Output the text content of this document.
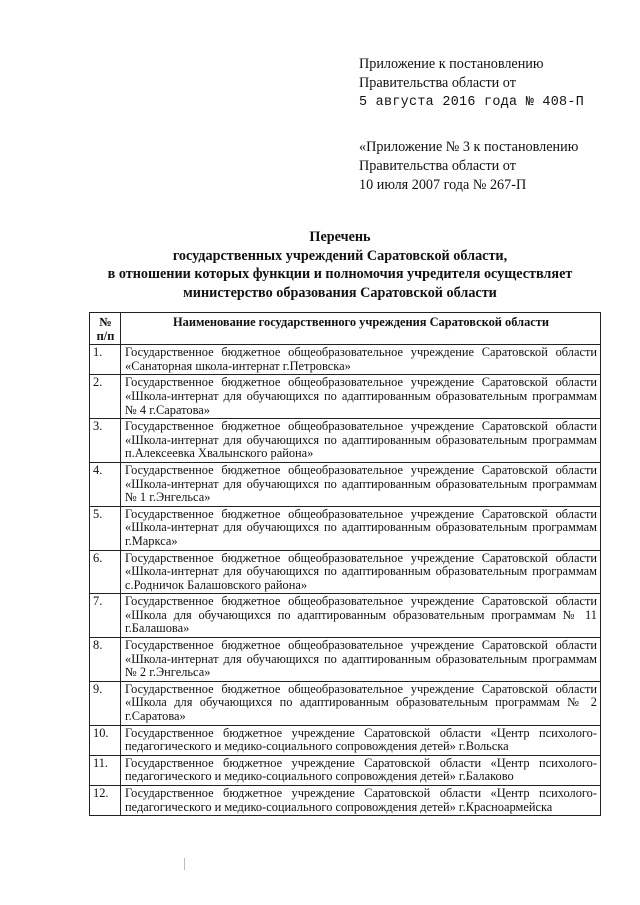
Приложение к постановлению
Правительства области от
5 августа 2016 года № 408-П
«Приложение № 3 к постановлению
Правительства области от
10 июля 2007 года № 267-П
Перечень
государственных учреждений Саратовской области,
в отношении которых функции и полномочия учредителя осуществляет
министерство образования Саратовской области
№ п/п	Наименование государственного учреждения Саратовской области
1.	Государственное бюджетное общеобразовательное учреждение Саратовской области «Санаторная школа-интернат г.Петровска»
2.	Государственное бюджетное общеобразовательное учреждение Саратовской области «Школа-интернат для обучающихся по адаптированным образовательным программам № 4 г.Саратова»
3.	Государственное бюджетное общеобразовательное учреждение Саратовской области «Школа-интернат для обучающихся по адаптированным образовательным программам п.Алексеевка Хвалынского района»
4.	Государственное бюджетное общеобразовательное учреждение Саратовской области «Школа-интернат для обучающихся по адаптированным образовательным программам № 1 г.Энгельса»
5.	Государственное бюджетное общеобразовательное учреждение Саратовской области «Школа-интернат для обучающихся по адаптированным образовательным программам г.Маркса»
6.	Государственное бюджетное общеобразовательное учреждение Саратовской области «Школа-интернат для обучающихся по адаптированным образовательным программам с.Родничок Балашовского района»
7.	Государственное бюджетное общеобразовательное учреждение Саратовской области «Школа для обучающихся по адаптированным образовательным программам № 11 г.Балашова»
8.	Государственное бюджетное общеобразовательное учреждение Саратовской области «Школа-интернат для обучающихся по адаптированным образовательным программам № 2 г.Энгельса»
9.	Государственное бюджетное общеобразовательное учреждение Саратовской области «Школа для обучающихся по адаптированным образовательным программам № 2 г.Саратова»
10.	Государственное бюджетное учреждение Саратовской области «Центр психолого-педагогического и медико-социального сопровождения детей» г.Вольска
11.	Государственное бюджетное учреждение Саратовской области «Центр психолого-педагогического и медико-социального сопровождения детей» г.Балаково
12.	Государственное бюджетное учреждение Саратовской области «Центр психолого-педагогического и медико-социального сопровождения детей» г.Красноармейска
